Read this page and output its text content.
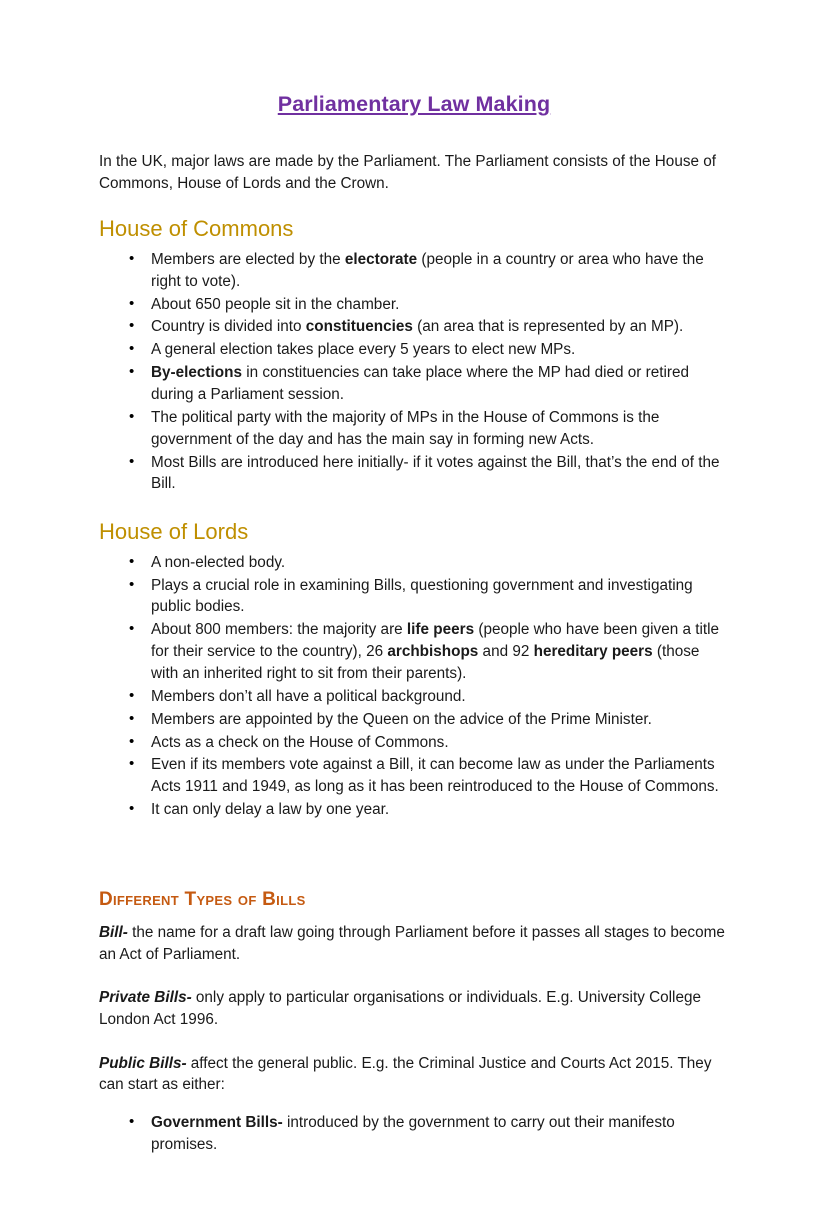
Parliamentary Law Making

In the UK, major laws are made by the Parliament. The Parliament consists of the House of Commons, House of Lords and the Crown.

House of Commons
• Members are elected by the electorate (people in a country or area who have the right to vote).
• About 650 people sit in the chamber.
• Country is divided into constituencies (an area that is represented by an MP).
• A general election takes place every 5 years to elect new MPs.
• By-elections in constituencies can take place where the MP had died or retired during a Parliament session.
• The political party with the majority of MPs in the House of Commons is the government of the day and has the main say in forming new Acts.
• Most Bills are introduced here initially- if it votes against the Bill, that’s the end of the Bill.
House of Lords
• A non-elected body.
• Plays a crucial role in examining Bills, questioning government and investigating public bodies.
• About 800 members: the majority are life peers (people who have been given a title for their service to the country), 26 archbishops and 92 hereditary peers (those with an inherited right to sit from their parents).
• Members don’t all have a political background.
• Members are appointed by the Queen on the advice of the Prime Minister.
• Acts as a check on the House of Commons.
• Even if its members vote against a Bill, it can become law as under the Parliaments Acts 1911 and 1949, as long as it has been reintroduced to the House of Commons.
• It can only delay a law by one year.
Different Types of Bills

Bill- the name for a draft law going through Parliament before it passes all stages to become an Act of Parliament.

Private Bills- only apply to particular organisations or individuals. E.g. University College London Act 1996.

Public Bills- affect the general public. E.g. the Criminal Justice and Courts Act 2015. They can start as either:

• Government Bills- introduced by the government to carry out their manifesto promises.
